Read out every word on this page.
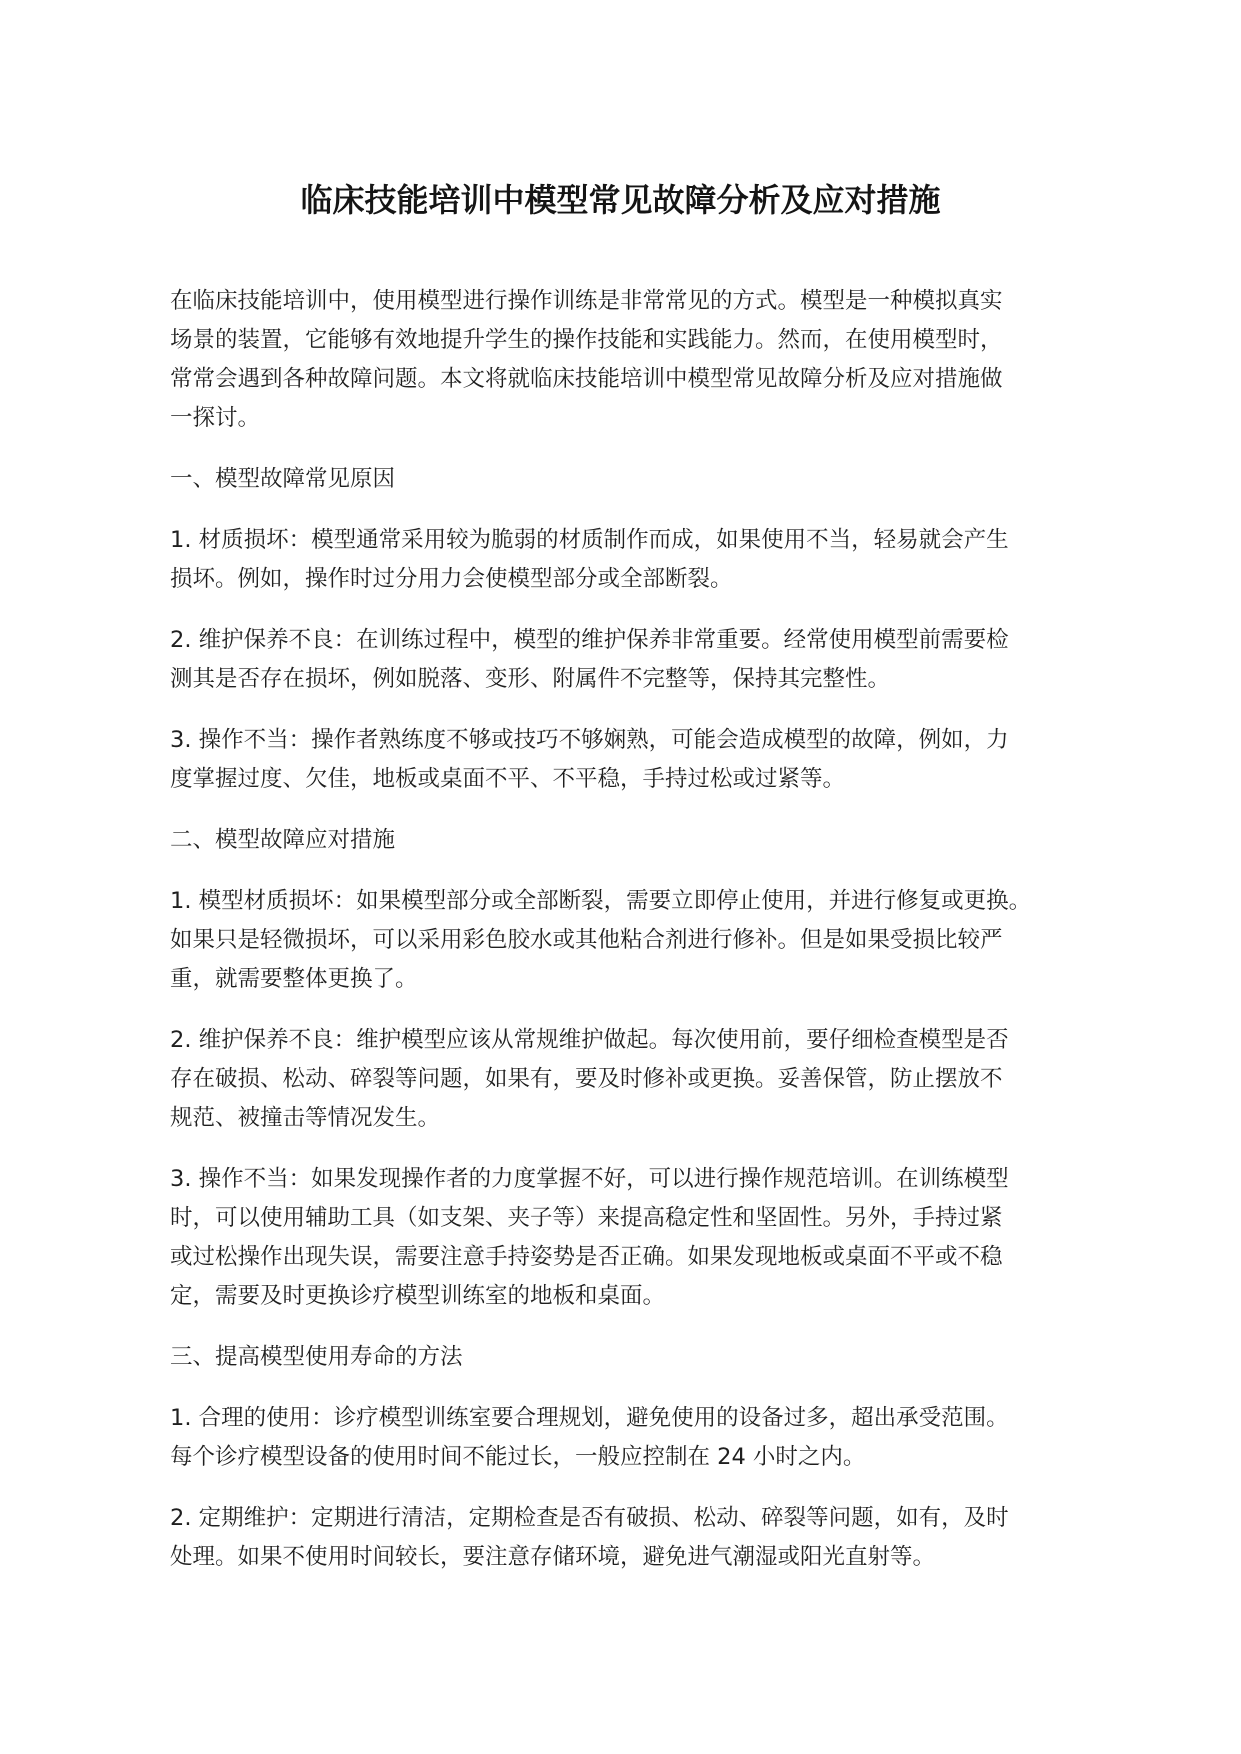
临床技能培训中模型常见故障分析及应对措施
在临床技能培训中，使用模型进行操作训练是非常常见的方式。模型是一种模拟真实
场景的装置，它能够有效地提升学生的操作技能和实践能力。然而，在使用模型时，
常常会遇到各种故障问题。本文将就临床技能培训中模型常见故障分析及应对措施做
一探讨。
一、模型故障常见原因
1. 材质损坏：模型通常采用较为脆弱的材质制作而成，如果使用不当，轻易就会产生
损坏。例如，操作时过分用力会使模型部分或全部断裂。
2. 维护保养不良：在训练过程中，模型的维护保养非常重要。经常使用模型前需要检
测其是否存在损坏，例如脱落、变形、附属件不完整等，保持其完整性。
3. 操作不当：操作者熟练度不够或技巧不够娴熟，可能会造成模型的故障，例如，力
度掌握过度、欠佳，地板或桌面不平、不平稳，手持过松或过紧等。
二、模型故障应对措施
1. 模型材质损坏：如果模型部分或全部断裂，需要立即停止使用，并进行修复或更换。
如果只是轻微损坏，可以采用彩色胶水或其他粘合剂进行修补。但是如果受损比较严
重，就需要整体更换了。
2. 维护保养不良：维护模型应该从常规维护做起。每次使用前，要仔细检查模型是否
存在破损、松动、碎裂等问题，如果有，要及时修补或更换。妥善保管，防止摆放不
规范、被撞击等情况发生。
3. 操作不当：如果发现操作者的力度掌握不好，可以进行操作规范培训。在训练模型
时，可以使用辅助工具（如支架、夹子等）来提高稳定性和坚固性。另外，手持过紧
或过松操作出现失误，需要注意手持姿势是否正确。如果发现地板或桌面不平或不稳
定，需要及时更换诊疗模型训练室的地板和桌面。
三、提高模型使用寿命的方法
1. 合理的使用：诊疗模型训练室要合理规划，避免使用的设备过多，超出承受范围。
每个诊疗模型设备的使用时间不能过长，一般应控制在 24 小时之内。
2. 定期维护：定期进行清洁，定期检查是否有破损、松动、碎裂等问题，如有，及时
处理。如果不使用时间较长，要注意存储环境，避免进气潮湿或阳光直射等。
